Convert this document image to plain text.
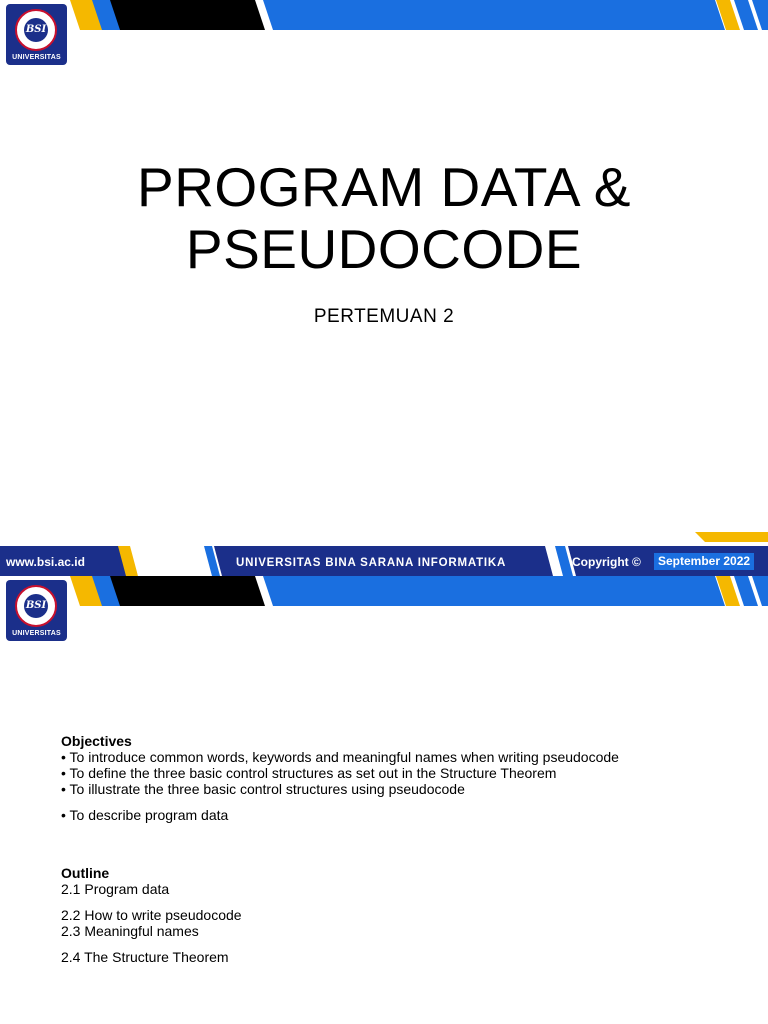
BSI
UNIVERSITAS
PROGRAM DATA &
PSEUDOCODE
PERTEMUAN 2
www.bsi.ac.id	UNIVERSITAS BINA SARANA INFORMATIKA	Copyright ©	September 2022
BSI
UNIVERSITAS
Objectives
• To introduce common words, keywords and meaningful names when writing pseudocode
• To define the three basic control structures as set out in the Structure Theorem
• To illustrate the three basic control structures using pseudocode
• To describe program data
Outline
2.1 Program data
2.2 How to write pseudocode
2.3 Meaningful names
2.4 The Structure Theorem
